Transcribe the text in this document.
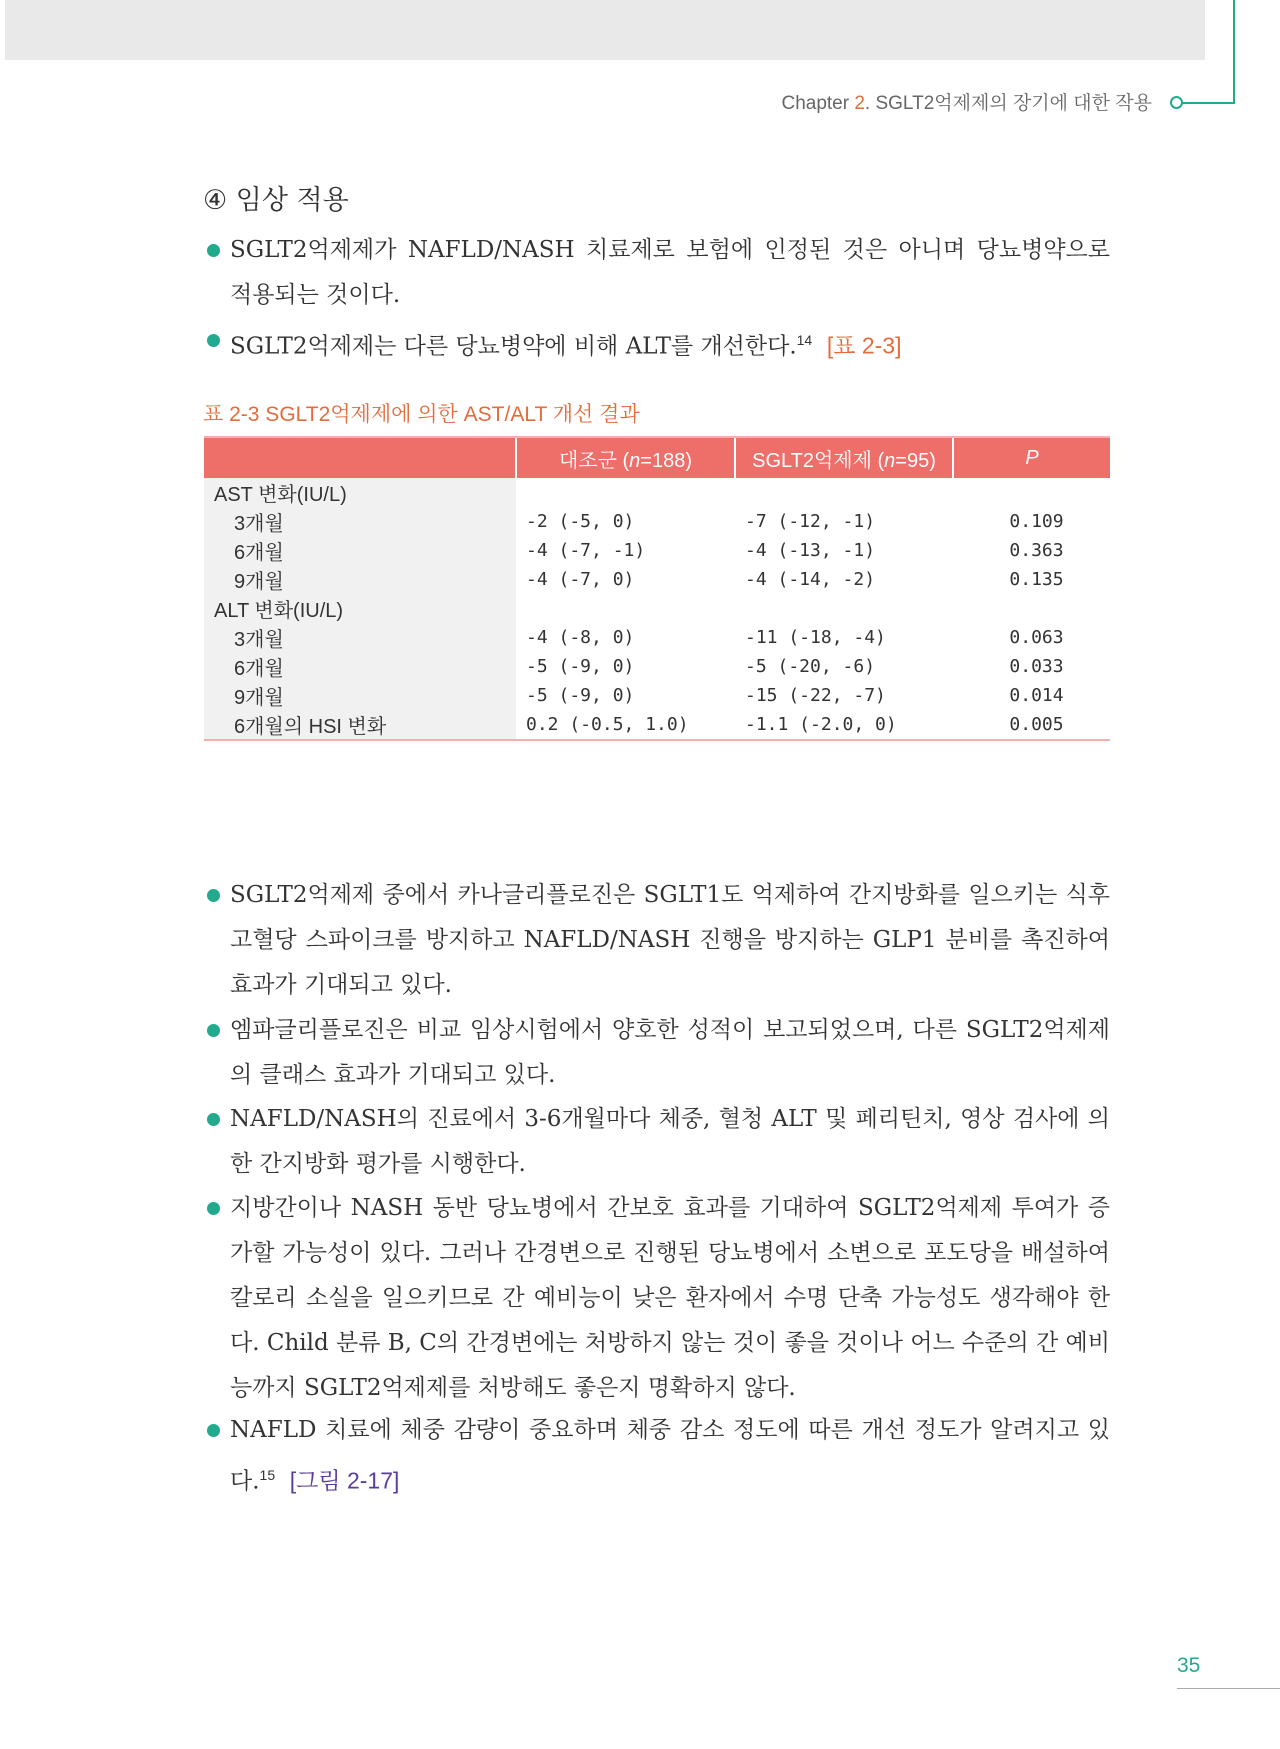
Chapter 2. SGLT2억제제의 장기에 대한 작용
④ 임상 적용
SGLT2억제제가 NAFLD/NASH 치료제로 보험에 인정된 것은 아니며 당뇨병약으로 적용되는 것이다.
SGLT2억제제는 다른 당뇨병약에 비해 ALT를 개선한다.$^{14}$ [표 2-3]
표 2-3 SGLT2억제제에 의한 AST/ALT 개선 결과
	대조군 (n=188)	SGLT2억제제 (n=95)	P
AST 변화(IU/L)			
3개월	-2 (-5, 0)	-7 (-12, -1)	0.109
6개월	-4 (-7, -1)	-4 (-13, -1)	0.363
9개월	-4 (-7, 0)	-4 (-14, -2)	0.135
ALT 변화(IU/L)			
3개월	-4 (-8, 0)	-11 (-18, -4)	0.063
6개월	-5 (-9, 0)	-5 (-20, -6)	0.033
9개월	-5 (-9, 0)	-15 (-22, -7)	0.014
6개월의 HSI 변화	0.2 (-0.5, 1.0)	-1.1 (-2.0, 0)	0.005
SGLT2억제제 중에서 카나글리플로진은 SGLT1도 억제하여 간지방화를 일으키는 식후 고혈당 스파이크를 방지하고 NAFLD/NASH 진행을 방지하는 GLP1 분비를 촉진하여 효과가 기대되고 있다.
엠파글리플로진은 비교 임상시험에서 양호한 성적이 보고되었으며, 다른 SGLT2억제제의 클래스 효과가 기대되고 있다.
NAFLD/NASH의 진료에서 3-6개월마다 체중, 혈청 ALT 및 페리틴치, 영상 검사에 의한 간지방화 평가를 시행한다.
지방간이나 NASH 동반 당뇨병에서 간보호 효과를 기대하여 SGLT2억제제 투여가 증가할 가능성이 있다. 그러나 간경변으로 진행된 당뇨병에서 소변으로 포도당을 배설하여 칼로리 소실을 일으키므로 간 예비능이 낮은 환자에서 수명 단축 가능성도 생각해야 한다. Child 분류 B, C의 간경변에는 처방하지 않는 것이 좋을 것이나 어느 수준의 간 예비능까지 SGLT2억제제를 처방해도 좋은지 명확하지 않다.
NAFLD 치료에 체중 감량이 중요하며 체중 감소 정도에 따른 개선 정도가 알려지고 있다.$^{15}$ [그림 2-17]
35
